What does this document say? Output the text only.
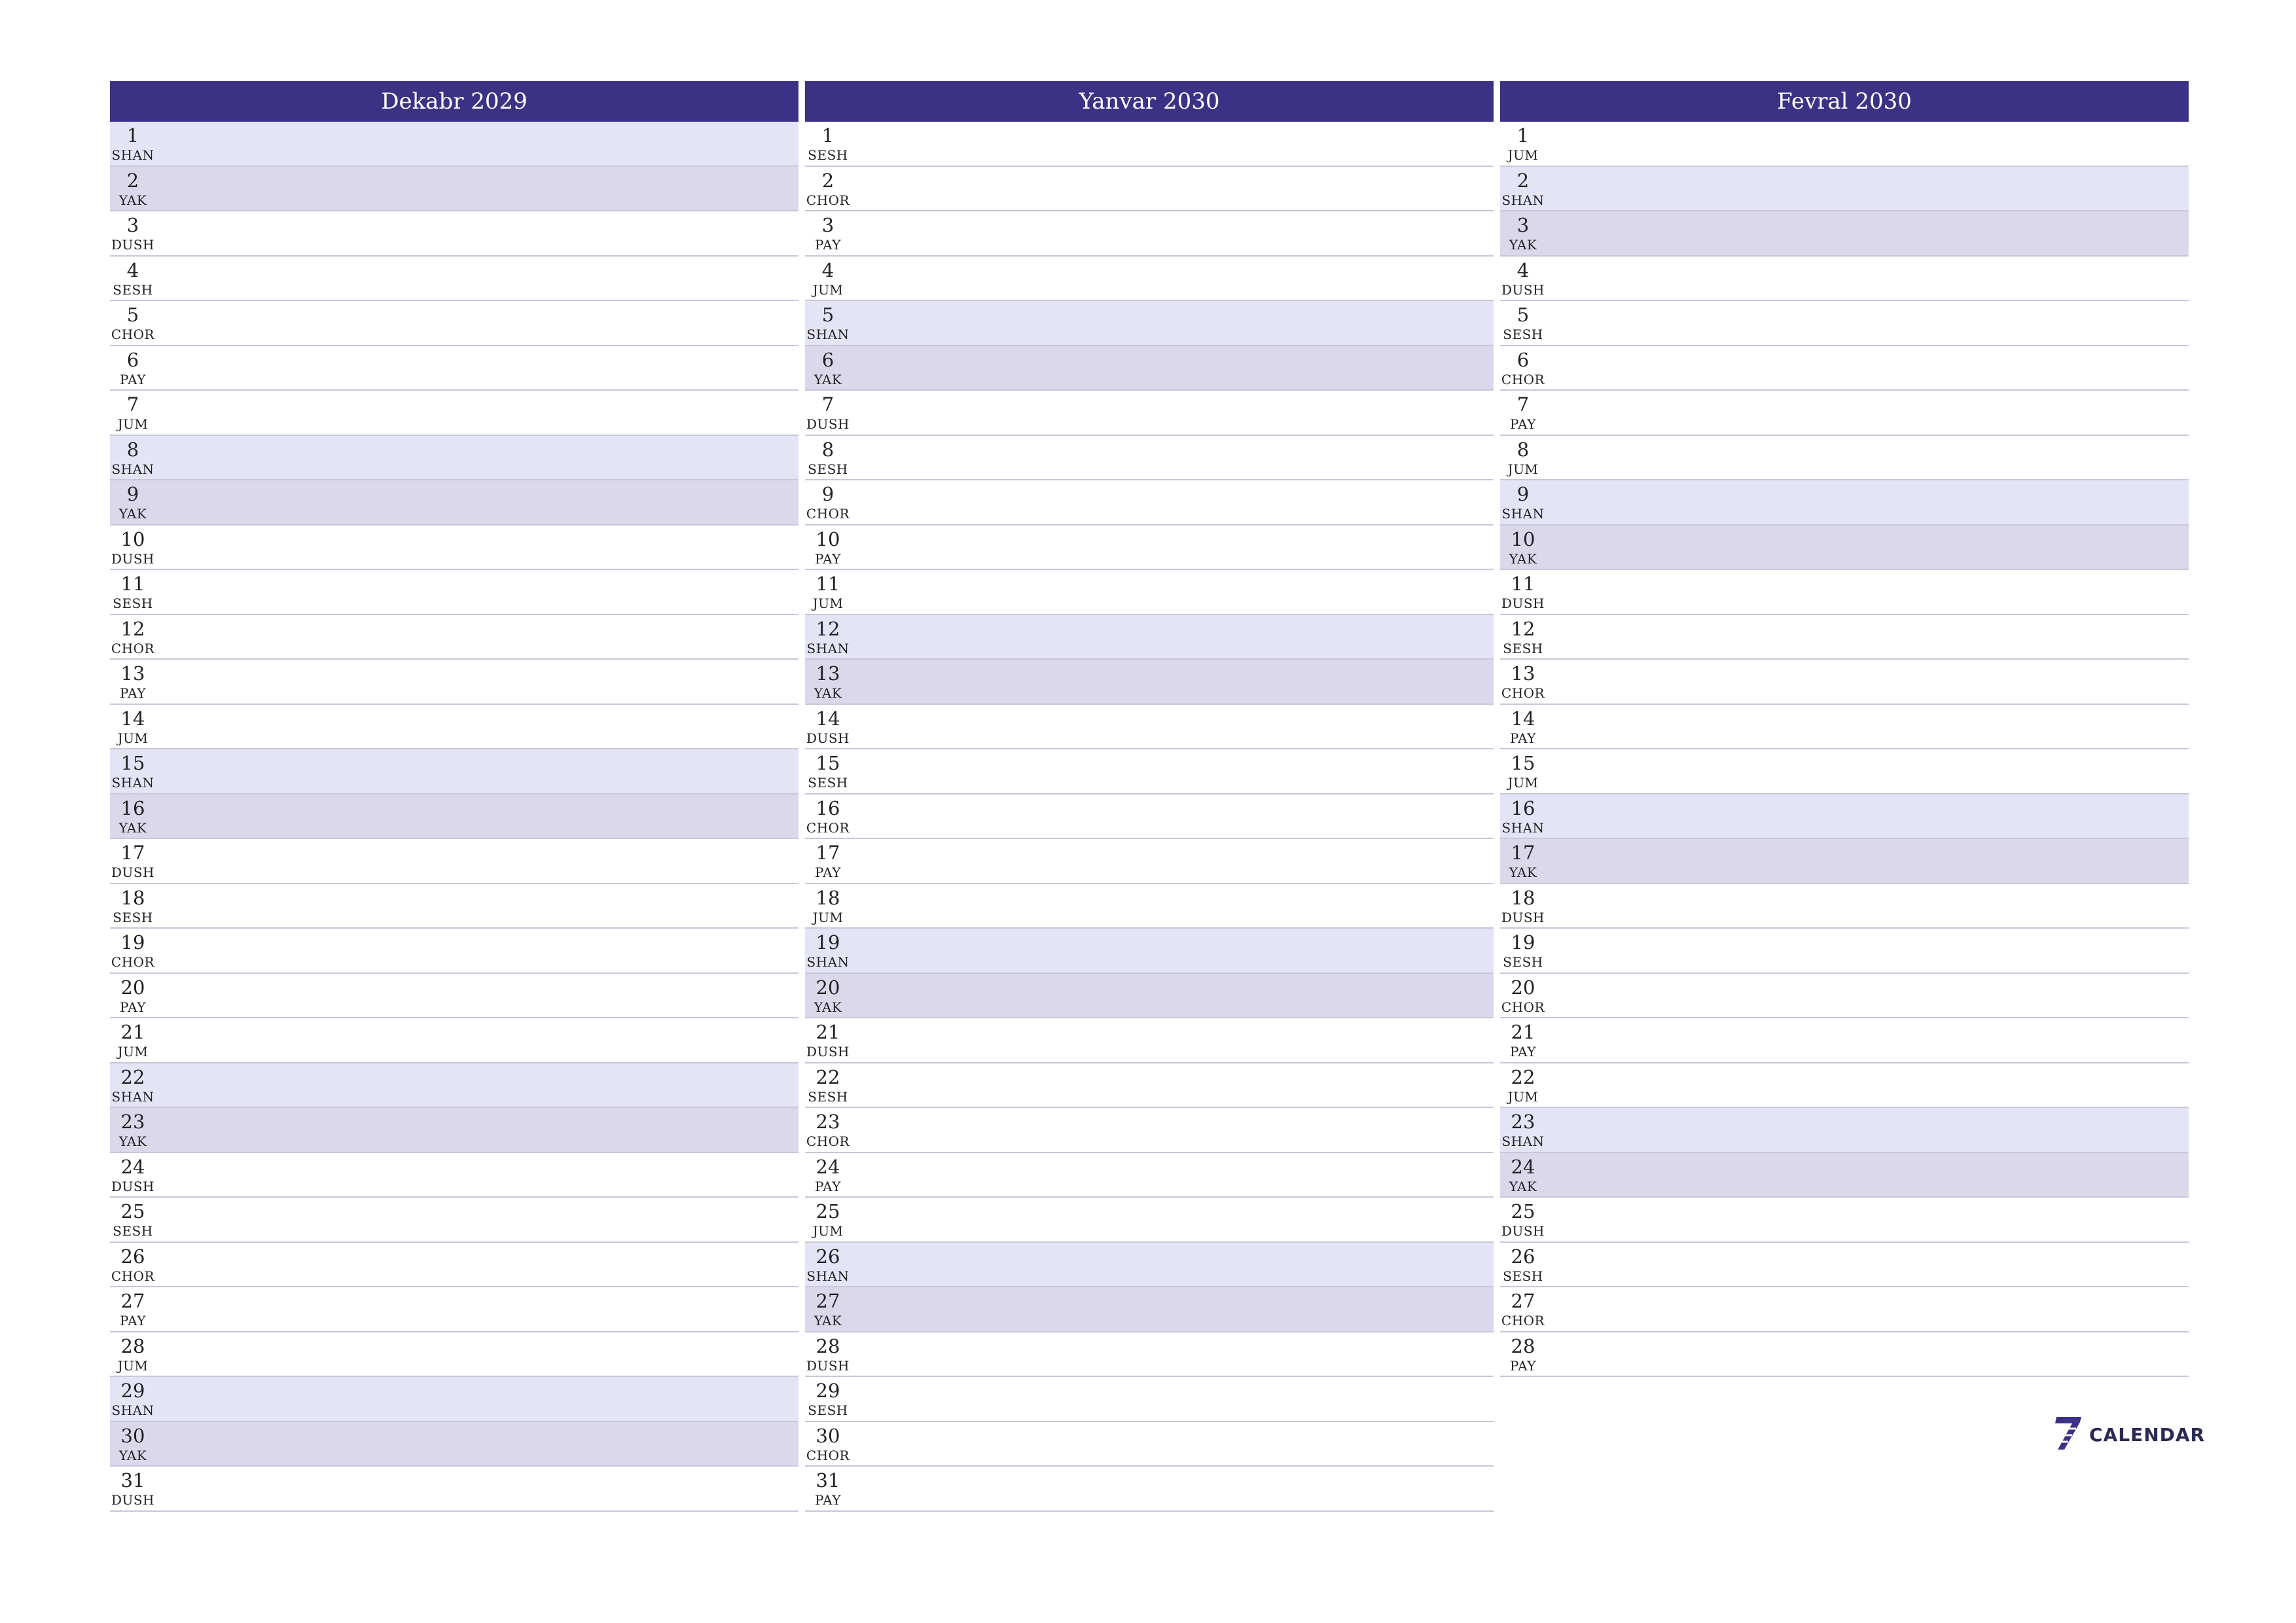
Dekabr 2029
1
SHAN
2
YAK
3
DUSH
4
SESH
5
CHOR
6
PAY
7
JUM
8
SHAN
9
YAK
10
DUSH
11
SESH
12
CHOR
13
PAY
14
JUM
15
SHAN
16
YAK
17
DUSH
18
SESH
19
CHOR
20
PAY
21
JUM
22
SHAN
23
YAK
24
DUSH
25
SESH
26
CHOR
27
PAY
28
JUM
29
SHAN
30
YAK
31
DUSH
Yanvar 2030
1
SESH
2
CHOR
3
PAY
4
JUM
5
SHAN
6
YAK
7
DUSH
8
SESH
9
CHOR
10
PAY
11
JUM
12
SHAN
13
YAK
14
DUSH
15
SESH
16
CHOR
17
PAY
18
JUM
19
SHAN
20
YAK
21
DUSH
22
SESH
23
CHOR
24
PAY
25
JUM
26
SHAN
27
YAK
28
DUSH
29
SESH
30
CHOR
31
PAY
Fevral 2030
1
JUM
2
SHAN
3
YAK
4
DUSH
5
SESH
6
CHOR
7
PAY
8
JUM
9
SHAN
10
YAK
11
DUSH
12
SESH
13
CHOR
14
PAY
15
JUM
16
SHAN
17
YAK
18
DUSH
19
SESH
20
CHOR
21
PAY
22
JUM
23
SHAN
24
YAK
25
DUSH
26
SESH
27
CHOR
28
PAY
CALENDAR
